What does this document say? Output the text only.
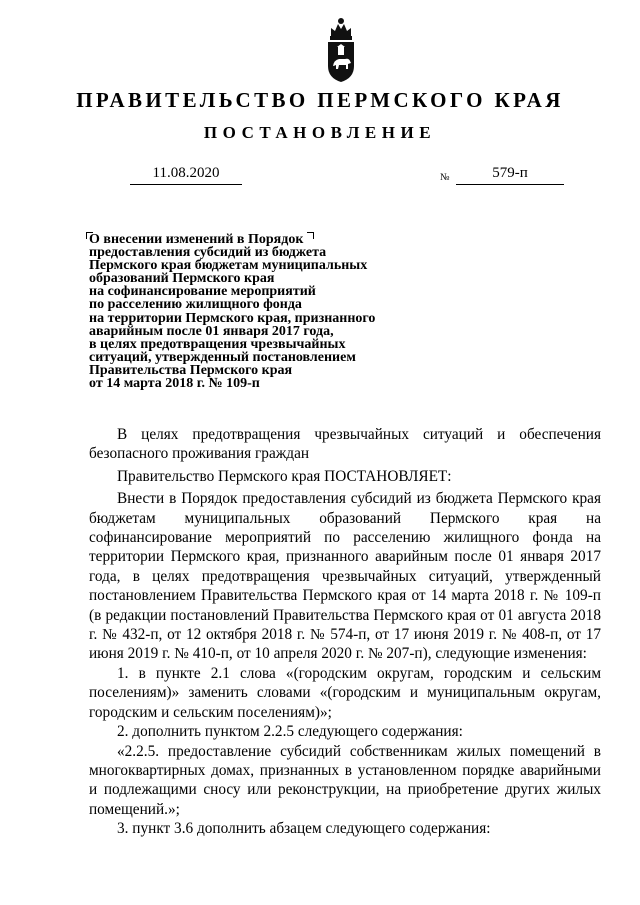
ПРАВИТЕЛЬСТВО ПЕРМСКОГО КРАЯ
ПОСТАНОВЛЕНИЕ
11.08.2020	№	579-п
О внесении изменений в Порядок
предоставления субсидий из бюджета
Пермского края бюджетам муниципальных
образований Пермского края
на софинансирование мероприятий
по расселению жилищного фонда
на территории Пермского края, признанного
аварийным после 01 января 2017 года,
в целях предотвращения чрезвычайных
ситуаций, утвержденный постановлением
Правительства Пермского края
от 14 марта 2018 г. № 109-п

В целях предотвращения чрезвычайных ситуаций и обеспечения безопасного проживания граждан

Правительство Пермского края ПОСТАНОВЛЯЕТ:

Внести в Порядок предоставления субсидий из бюджета Пермского края бюджетам муниципальных образований Пермского края на софинансирование мероприятий по расселению жилищного фонда на территории Пермского края, признанного аварийным после 01 января 2017 года, в целях предотвращения чрезвычайных ситуаций, утвержденный постановлением Правительства Пермского края от 14 марта 2018 г. № 109-п (в редакции постановлений Правительства Пермского края от 01 августа 2018 г. № 432-п, от 12 октября 2018 г. № 574-п, от 17 июня 2019 г. № 408-п, от 17 июня 2019 г. № 410-п, от 10 апреля 2020 г. № 207-п), следующие изменения:

1. в пункте 2.1 слова «(городским округам, городским и сельским поселениям)» заменить словами «(городским и муниципальным округам, городским и сельским поселениям)»;

2. дополнить пунктом 2.2.5 следующего содержания:

«2.2.5. предоставление субсидий собственникам жилых помещений в многоквартирных домах, признанных в установленном порядке аварийными и подлежащими сносу или реконструкции, на приобретение других жилых помещений.»;

3. пункт 3.6 дополнить абзацем следующего содержания:
